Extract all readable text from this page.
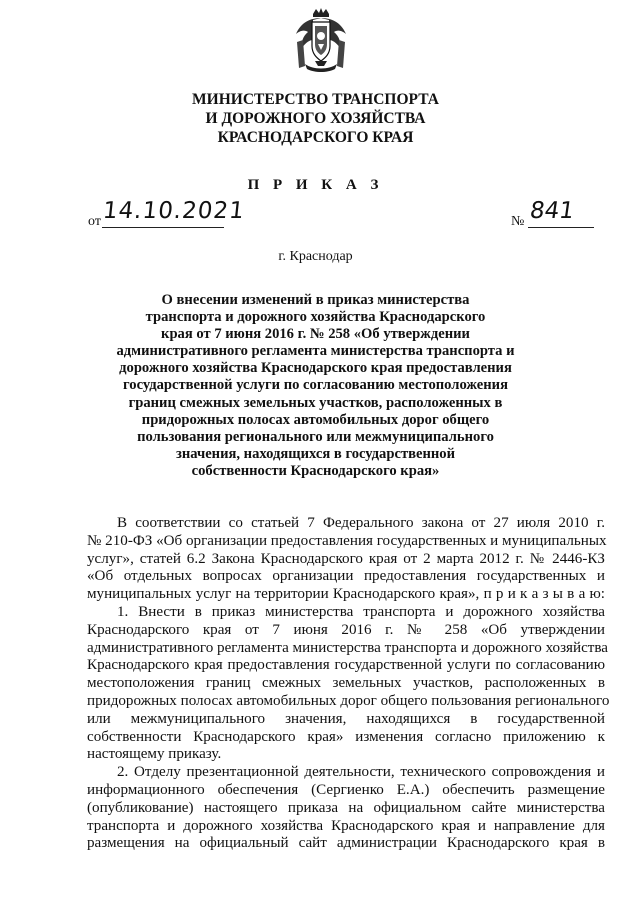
МИНИСТЕРСТВО ТРАНСПОРТА
И ДОРОЖНОГО ХОЗЯЙСТВА
КРАСНОДАРСКОГО КРАЯ
П Р И К А З
от 14.10.2021	№ 841
г. Краснодар
О внесении изменений в приказ министерства
транспорта и дорожного хозяйства Краснодарского
края от 7 июня 2016 г. № 258 «Об утверждении
административного регламента министерства транспорта и
дорожного хозяйства Краснодарского края предоставления
государственной услуги по согласованию местоположения
границ смежных земельных участков, расположенных в
придорожных полосах автомобильных дорог общего
пользования регионального или межмуниципального
значения, находящихся в государственной
собственности Краснодарского края»
В соответствии со статьей 7 Федерального закона от 27 июля 2010 г.
№ 210-ФЗ «Об организации предоставления государственных и муниципальных
услуг», статей 6.2 Закона Краснодарского края от 2 марта 2012 г. № 2446-КЗ
«Об отдельных вопросах организации предоставления государственных и
муниципальных услуг на территории Краснодарского края», п р и к а з ы в а ю:
1. Внести в приказ министерства транспорта и дорожного хозяйства
Краснодарского края от 7 июня 2016 г. № 258 «Об утверждении
административного регламента министерства транспорта и дорожного хозяйства
Краснодарского края предоставления государственной услуги по согласованию
местоположения границ смежных земельных участков, расположенных в
придорожных полосах автомобильных дорог общего пользования регионального
или межмуниципального значения, находящихся в государственной
собственности Краснодарского края» изменения согласно приложению к
настоящему приказу.
2. Отделу презентационной деятельности, технического сопровождения и
информационного обеспечения (Сергиенко Е.А.) обеспечить размещение
(опубликование) настоящего приказа на официальном сайте министерства
транспорта и дорожного хозяйства Краснодарского края и направление для
размещения на официальный сайт администрации Краснодарского края в
